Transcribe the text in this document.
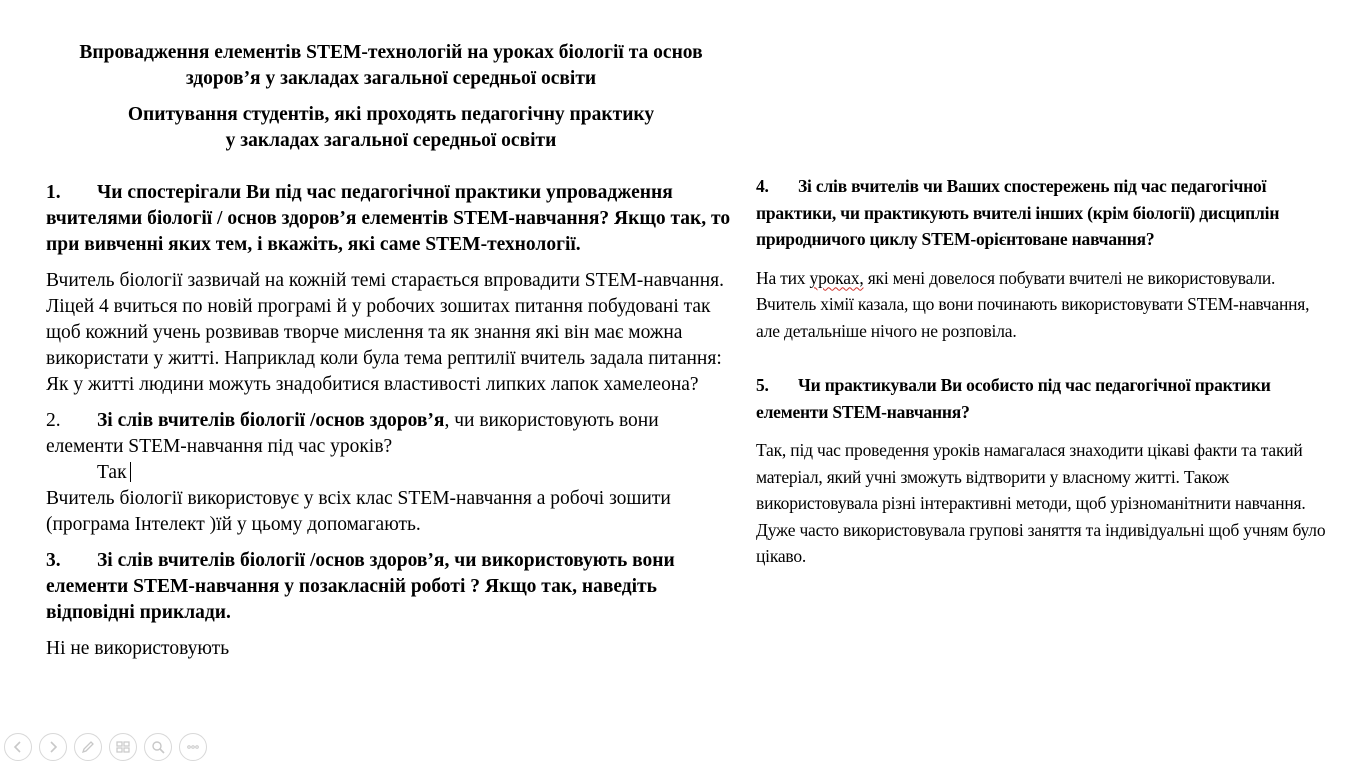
Впровадження елементів STEM-технологій на уроках біології та основ
здоров’я у закладах загальної середньої освіти

Опитування студентів, які проходять педагогічну практику
у закладах загальної середньої освіти

1. Чи спостерігали Ви під час педагогічної практики упровадження вчителями біології / основ здоров’я елементів STEM-навчання? Якщо так, то при вивченні яких тем, і вкажіть, які саме STEM-технології.

Вчитель біології зазвичай на кожній темі старається впровадити STEM-навчання. Ліцей 4 вчиться по новій програмі й у робочих зошитах питання побудовані так щоб кожний учень розвивав творче мислення та як знання які він має можна використати у житті. Наприклад коли була тема рептилії вчитель задала питання: Як у житті людини можуть знадобитися властивості липких лапок хамелеона?

2. Зі слів вчителів біології /основ здоров’я, чи використовують вони елементи STEM-навчання під час уроків?

Так

Вчитель біології використовує у всіх клас STEM-навчання а робочі зошити (програма Інтелект )їй у цьому допомагають.

3. Зі слів вчителів біології /основ здоров’я, чи використовують вони елементи STEM-навчання у позакласній роботі ? Якщо так, наведіть відповідні приклади.

Ні не використовують

4. Зі слів вчителів чи Ваших спостережень під час педагогічної практики, чи практикують вчителі інших (крім біології) дисциплін природничого циклу STEM-орієнтоване навчання?

На тих уроках, які мені довелося побувати вчителі не використовували. Вчитель хімії казала, що вони починають використовувати STEM-навчання, але детальніше нічого не розповіла.

5. Чи практикували Ви особисто під час педагогічної практики елементи STEM-навчання?

Так, під час проведення уроків намагалася знаходити цікаві факти та такий матеріал, який учні зможуть відтворити у власному житті. Також використовувала різні інтерактивні методи, щоб урізноманітнити навчання. Дуже часто використовувала групові заняття та індивідуальні щоб учням було цікаво.
